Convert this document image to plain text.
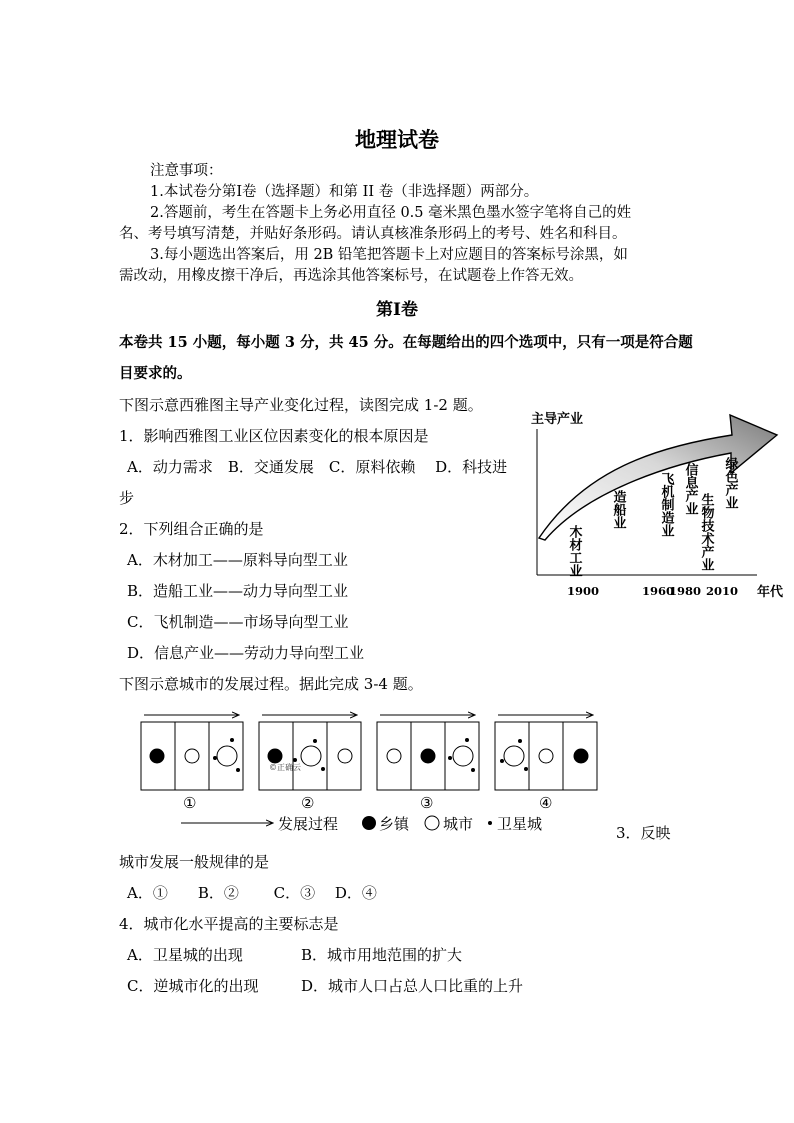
地理试卷
注意事项：
1.本试卷分第Ⅰ卷（选择题）和第 II 卷（非选择题）两部分。
2.答题前，考生在答题卡上务必用直径 0.5 毫米黑色墨水签字笔将自己的姓
名、考号填写清楚，并贴好条形码。请认真核准条形码上的考号、姓名和科目。
3.每小题选出答案后，用 2B 铅笔把答题卡上对应题目的答案标号涂黑，如
需改动，用橡皮擦干净后，再选涂其他答案标号，在试题卷上作答无效。
第Ⅰ卷
本卷共 15 小题，每小题 3 分，共 45 分。在每题给出的四个选项中，只有一项是符合题
目要求的。
下图示意西雅图主导产业变化过程，读图完成 1-2 题。
1．影响西雅图工业区位因素变化的根本原因是
A．动力需求　B．交通发展　C．原料依赖　 D．科技进
步
2．下列组合正确的是
A．木材加工——原料导向型工业
B．造船工业——动力导向型工业
C．飞机制造——市场导向型工业
D．信息产业——劳动力导向型工业
主导产业
年代
1900	1960
1980 2010
木材工业
造船业	飞机制造业 信息产业
生物技术产业
绿色产业
下图示意城市的发展过程。据此完成 3-4 题。
①
©正确云
②	③	④
发展过程	乡镇 城市 卫星城	3．反映
城市发展一般规律的是
A．①　　B．②　　 C．③　 D．④
4．城市化水平提高的主要标志是
A．卫星城的出现	B．城市用地范围的扩大
C．逆城市化的出现	D．城市人口占总人口比重的上升
